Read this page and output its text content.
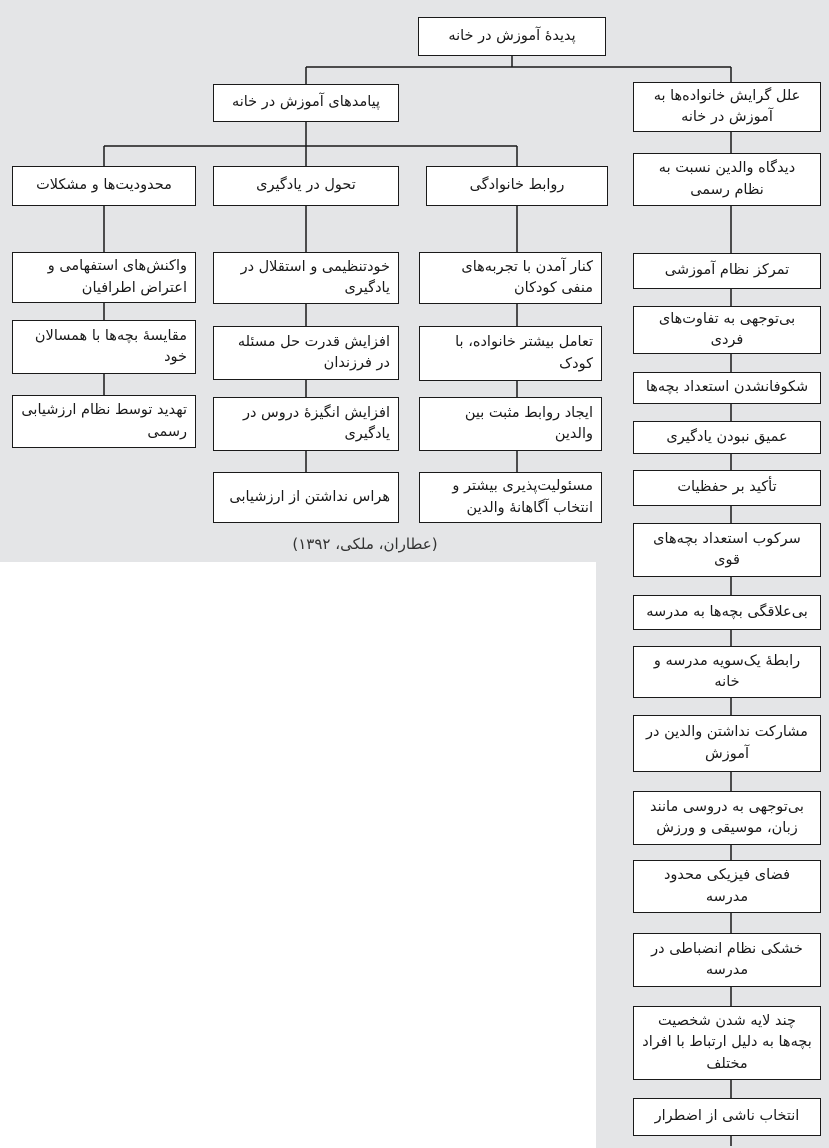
پدیدهٔ آموزش در خانه
پیامدهای آموزش در خانه
روابط خانوادگی
تحول در یادگیری
محدودیت‌ها و مشکلات
کنار آمدن با تجربه‌های منفی کودکان
تعامل بیشتر خانواده، با کودک
ایجاد روابط مثبت بین والدین
مسئولیت‌پذیری بیشتر و انتخاب آگاهانهٔ والدین
خودتنظیمی و استقلال در یادگیری
افزایش قدرت حل مسئله در فرزندان
افزایش انگیزهٔ دروس در یادگیری
هراس نداشتن از ارزشیابی
واکنش‌های استفهامی و اعتراض اطرافیان
مقایسهٔ بچه‌ها با همسالان خود
تهدید توسط نظام ارزشیابی رسمی
علل گرایش خانواده‌ها به آموزش در خانه
دیدگاه والدین نسبت به نظام رسمی
تمرکز نظام آموزشی
بی‌توجهی به تفاوت‌های فردی
شکوفانشدن استعداد بچه‌ها
عمیق نبودن یادگیری
تأکید بر حفظیات
سرکوب استعداد بچه‌های قوی
بی‌علاقگی بچه‌ها به مدرسه
رابطهٔ یک‌سویه مدرسه و خانه
مشارکت نداشتن والدین در آموزش
بی‌توجهی به دروسی مانند زبان، موسیقی و ورزش
فضای فیزیکی محدود مدرسه
خشکی نظام انضباطی در مدرسه
چند لایه شدن شخصیت بچه‌ها به دلیل ارتباط با افراد مختلف
انتخاب ناشی از اضطرار
(عطاران، ملکی، ۱۳۹۲)
